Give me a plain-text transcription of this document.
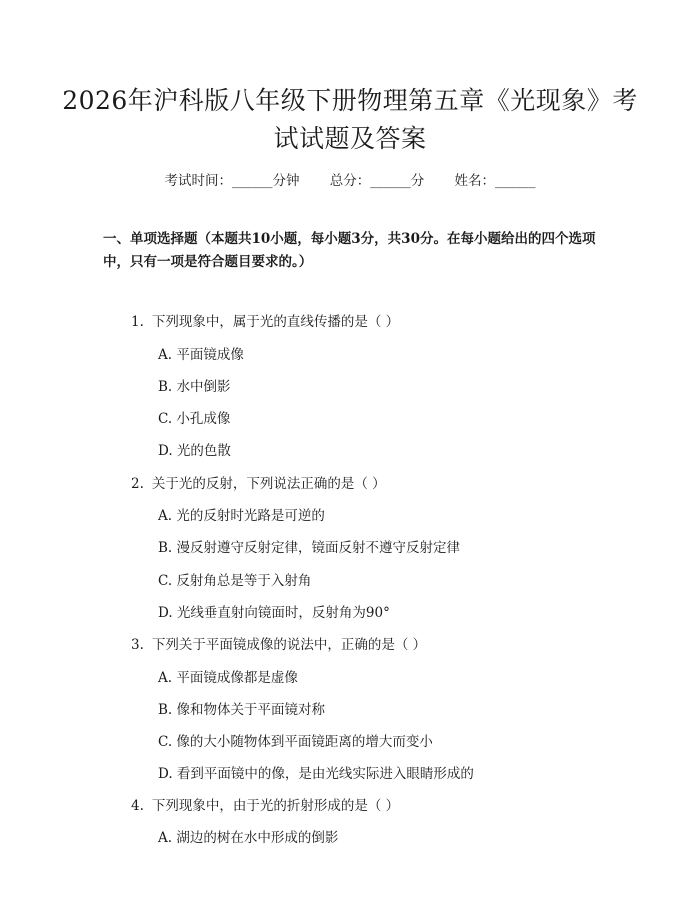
2026年沪科版八年级下册物理第五章《光现象》考试试题及答案
考试时间：______分钟 总分：______分 姓名：______
一、单项选择题（本题共10小题，每小题3分，共30分。在每小题给出的四个选项中，只有一项是符合题目要求的。）
1. 下列现象中，属于光的直线传播的是（ ）
A. 平面镜成像
B. 水中倒影
C. 小孔成像
D. 光的色散
2. 关于光的反射，下列说法正确的是（ ）
A. 光的反射时光路是可逆的
B. 漫反射遵守反射定律，镜面反射不遵守反射定律
C. 反射角总是等于入射角
D. 光线垂直射向镜面时，反射角为90°
3. 下列关于平面镜成像的说法中，正确的是（ ）
A. 平面镜成像都是虚像
B. 像和物体关于平面镜对称
C. 像的大小随物体到平面镜距离的增大而变小
D. 看到平面镜中的像，是由光线实际进入眼睛形成的
4. 下列现象中，由于光的折射形成的是（ ）
A. 湖边的树在水中形成的倒影
